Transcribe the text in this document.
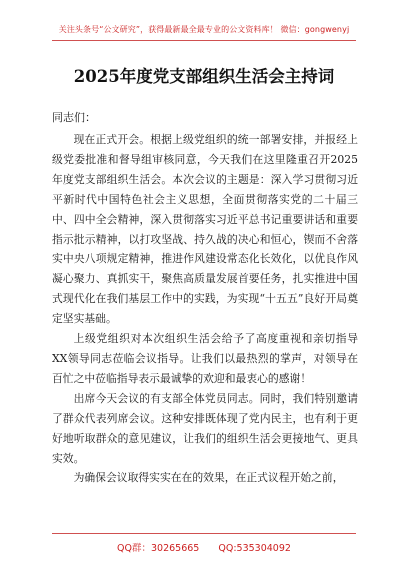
关注头条号“公文研究”，获得最新最全最专业的公文资料库！ 微信：gongwenyj
2025年度党支部组织生活会主持词
同志们：

现在正式开会。根据上级党组织的统一部署安排，并报经上级党委批准和督导组审核同意，今天我们在这里隆重召开2025年度党支部组织生活会。本次会议的主题是：深入学习贯彻习近平新时代中国特色社会主义思想，全面贯彻落实党的二十届三中、四中全会精神，深入贯彻落实习近平总书记重要讲话和重要指示批示精神，以打攻坚战、持久战的决心和恒心，锲而不舍落实中央八项规定精神，推进作风建设常态化长效化，以优良作风凝心聚力、真抓实干，聚焦高质量发展首要任务，扎实推进中国式现代化在我们基层工作中的实践，为实现“十五五”良好开局奠定坚实基础。

上级党组织对本次组织生活会给予了高度重视和亲切指导XX领导同志莅临会议指导。让我们以最热烈的掌声，对领导在百忙之中莅临指导表示最诚挚的欢迎和最衷心的感谢！

出席今天会议的有支部全体党员同志。同时，我们特别邀请了群众代表列席会议。这种安排既体现了党内民主，也有利于更好地听取群众的意见建议，让我们的组织生活会更接地气、更具实效。

为确保会议取得实实在在的效果，在正式议程开始之前，

QQ群：30265665 QQ:535304092
